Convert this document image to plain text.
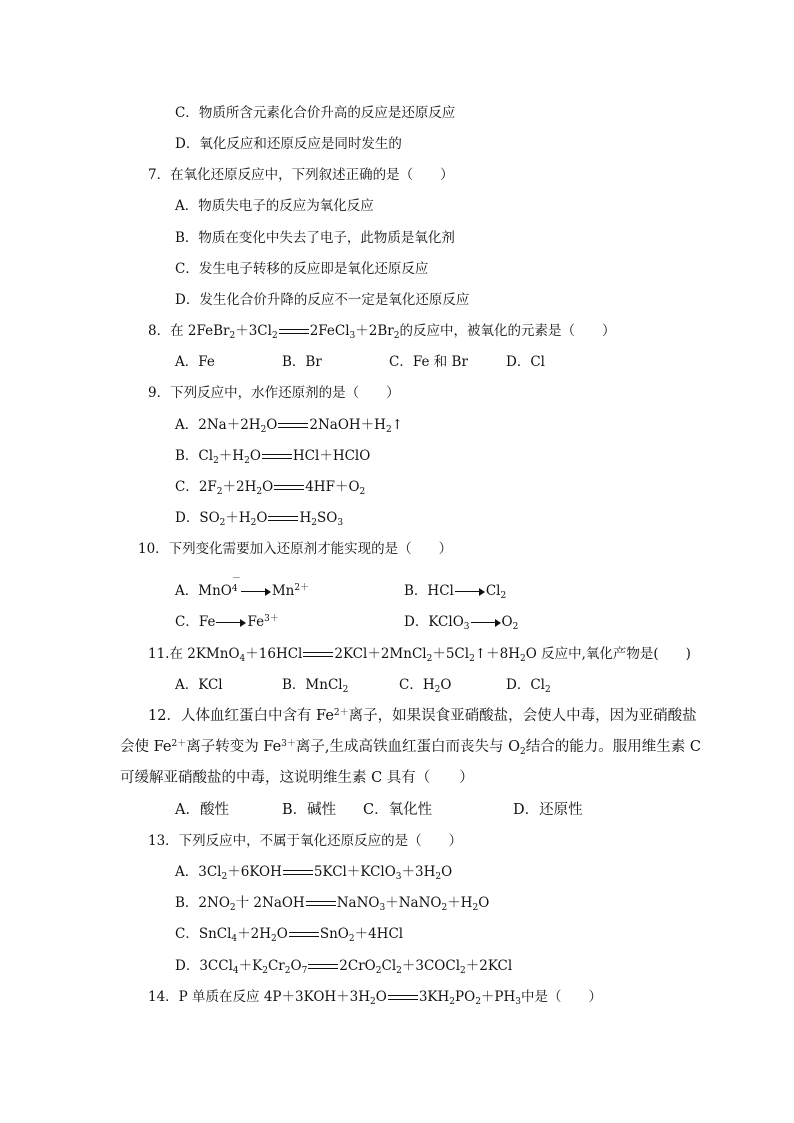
C．物质所含元素化合价升高的反应是还原反应
D．氧化反应和还原反应是同时发生的
7．在氧化还原反应中，下列叙述正确的是（　　）
A．物质失电子的反应为氧化反应
B．物质在变化中失去了电子，此物质是氧化剂
C．发生电子转移的反应即是氧化还原反应
D．发生化合价升降的反应不一定是氧化还原反应
8．在 $2FeBr_2+3Cl_2$ $2FeCl_3+2Br_2$的反应中，被氧化的元素是（　　）
A．Fe	B．Br	C．Fe 和 Br	D．Cl
9．下列反应中，水作还原剂的是（　　）
A．$2Na+2H_2O$ $2NaOH+H_2↑$
B．$Cl_2+H_2O$ HCl＋HClO
C．$2F_2+2H_2O$ $4HF+O_2$
D．$SO_2+H_2O$ $H_2SO_3$
10．下列变化需要加入还原剂才能实现的是（　　）
A．MnO
－
$^4$	$Mn^{2+}$	B．HCl $Cl_2$
C．Fe $Fe^{3+}$	D．KClO$_3$ $O_2$
11.在 2KMnO$_4$＋16HCl $2KCl+2MnCl_2+5Cl_2↑+8H_2O$ 反应中,氧化产物是(　　)
A．KCl	B．MnCl$_2$	C．$H_2O$	D．$Cl_2$
12．人体血红蛋白中含有 $Fe^{2+}$离子，如果误食亚硝酸盐，会使人中毒，因为亚硝酸盐
会使 $Fe^{2+}$离子转变为 $Fe^{3+}$离子,生成高铁血红蛋白而丧失与 $O_2$结合的能力。服用维生素 C
可缓解亚硝酸盐的中毒，这说明维生素 C 具有（　　）
A．酸性	B．碱性 C．氧化性	D．还原性
13．下列反应中，不属于氧化还原反应的是（　　）
A．$3Cl_2+6KOH$ $5KCl+KClO_3+3H_2O$
B．$2NO_2$十 2NaOH $NaNO_3+NaNO_2+H_2O$
C．$SnCl_4+2H_2O$ SnO$_2$＋4HCl
D．$3CCl_4+K_2Cr_2O_7$ $2CrO_2Cl_2+3COCl_2+2KCl$
14．P 单质在反应 $4P+3KOH+3H_2O$ $3KH_2PO_2+PH_3$中是（　　）
